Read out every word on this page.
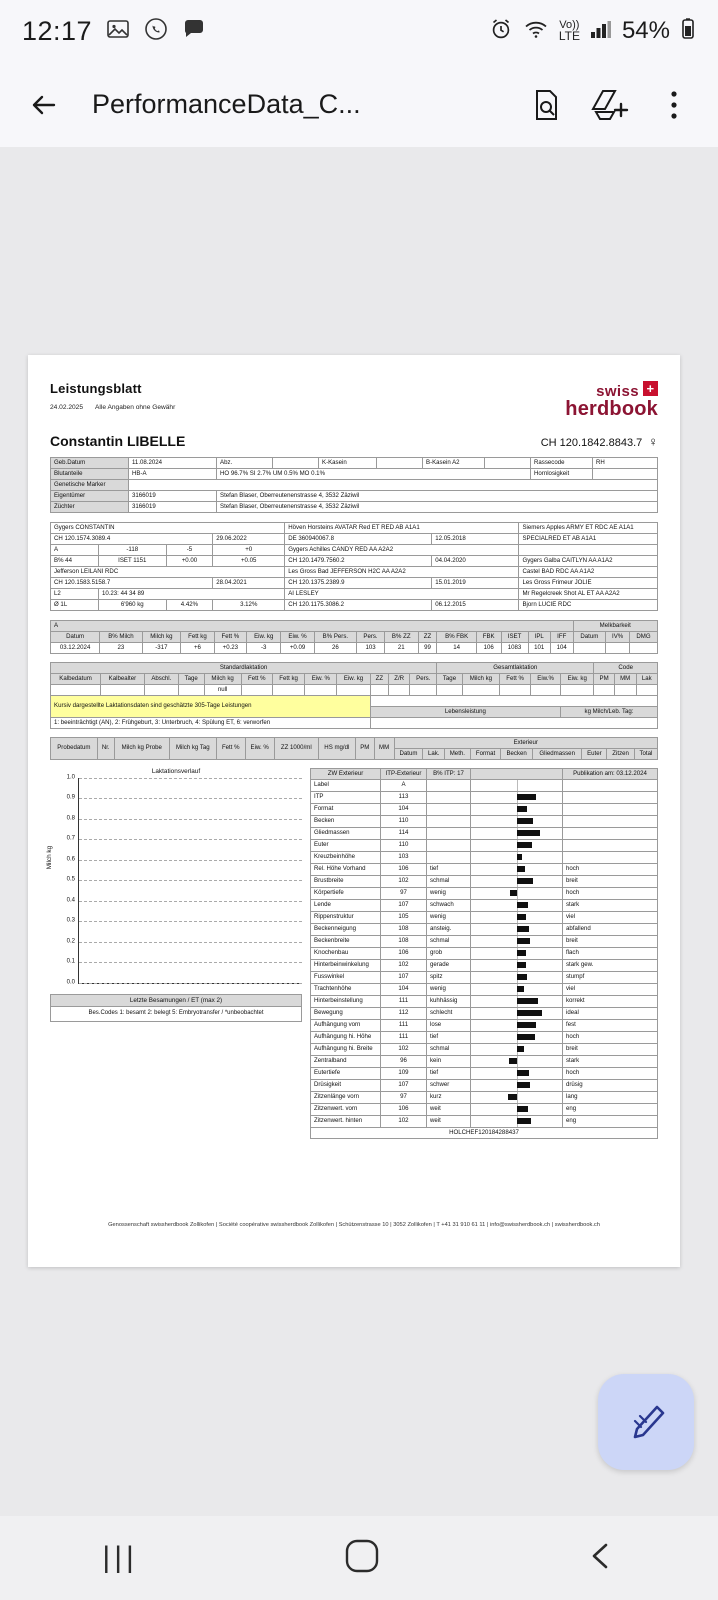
12:17	Vo))
LTE 54%
PerformanceData_C...
Leistungsblatt
24.02.2025 Alle Angaben ohne Gewähr
swiss +
herdbook
Constantin LIBELLE	CH 120.1842.8843.7 ♀
Geb.Datum	11.08.2024	Abz.		K-Kasein		B-Kasein A2		Rassecode	RH
Blutanteile	HB-A	HO 96.7% SI 2.7% UM 0.5% MO 0.1%						Hornlosigkeit	
Genetische Marker									
Eigentümer	3166019	Stefan Blaser, Oberreutenenstrasse 4, 3532 Zäziwil							
Züchter	3166019	Stefan Blaser, Oberreutenenstrasse 4, 3532 Zäziwil							
Gygers CONSTANTIN				Höven Horsteins AVATAR Red ET RED AB A1A1		Siemers Apples ARMY ET RDC AE A1A1
CH 120.1574.3089.4			29.06.2022	DE 360940067.8	12.05.2018	SPECIALRED ET AB A1A1
A	-118	-5	+0	Gygers Achilles CANDY RED AA A2A2		
B% 44	ISET 1151	+0.00	+0.05	CH 120.1479.7560.2	04.04.2020	Gygers Galba CAITLYN AA A1A2
Jefferson LEILANI RDC				Les Gross Bad JEFFERSON H2C AA A2A2		Castel BAD RDC AA A1A2
CH 120.1583.5158.7			28.04.2021	CH 120.1375.2389.9	15.01.2019	Les Gross Frimeur JOLIE
L2	10.23: 44 34 89			AI LESLEY		Mr Regelcreek Shot AL ET AA A2A2
Ø 1L	6'960 kg	4.42%	3.12%	CH 120.1175.3086.2	06.12.2015	Bjorn LUCIE RDC
A																Melkbarkeit		
Datum	B% Milch	Milch kg	Fett kg	Fett %	Eiw. kg	Eiw. %	B% Pers.	Pers.	B% ZZ	ZZ	B% FBK	FBK	ISET	IPL	IFF	Datum	IV%	DMG
03.12.2024	23	-317	+6	+0.23	-3	+0.09	26	103	21	99	14	106	1083	101	104			
Standardlaktation												Gesamtlaktation					Code		
Kalbedatum	Kalbealter	Abschl.	Tage	Milch kg	Fett %	Fett kg	Eiw. %	Eiw. kg	ZZ	Z/R	Pers.	Tage	Milch kg	Fett %	Eiw.%	Eiw. kg	PM	MM	Lak
				null															
Kursiv dargestellte Laktationsdaten sind geschätzte 305-Tage Leistungen																			
									Lebensleistung							kg Milch/Leb. Tag:			
1: beeinträchtigt (AN), 2: Frühgeburt, 3: Unterbruch, 4: Spülung ET, 6: verworfen																			
Probedatum	Nr.	Milch kg Probe	Milch kg Tag	Fett %	Eiw. %	ZZ 1000/ml	HS mg/dl	PM	MM	Exterieur								
										Datum	Lak.	Meth.	Format	Becken	Gliedmassen	Euter	Zitzen	Total
Laktationsverlauf
Milch kg
0.0
0.1
0.2
0.3
0.4
0.5
0.6
0.7
0.8
0.9
1.0
Letzte Besamungen / ET (max 2)
Bes.Codes 1: besamt 2: belegt 5: Embryotransfer / *unbeobachtet
ZW Exterieur	ITP-Exterieur	B% ITP: 17		Publikation am: 03.12.2024
Label	A		

ITP	113		

Format	104		

Becken	110		

Gliedmassen	114		

Euter	110		

Kreuzbeinhöhe	103		

Rel. Höhe Vorhand	106	tief		hoch
Brustbreite	102	schmal		breit
Körpertiefe	97	wenig		hoch
Lende	107	schwach		stark
Rippenstruktur	105	wenig		viel
Beckenneigung	108	ansteig.		abfallend
Beckenbreite	108	schmal		breit
Knochenbau	106	grob		flach
Hinterbeinwinkelung	102	gerade		stark gew.
Fusswinkel	107	spitz		stumpf
Trachtenhöhe	104	wenig		viel
Hinterbeinstellung	111	kuhhässig		korrekt
Bewegung	112	schlecht		ideal
Aufhängung vorn	111	lose		fest
Aufhängung hi. Höhe	111	tief		hoch
Aufhängung hi. Breite	102	schmal		breit
Zentralband	96	kein		stark
Eutertiefe	109	tief		hoch
Drüsigkeit	107	schwer		drüsig
Zitzenlänge vorn	97	kurz		lang
Zitzenwert. vorn	106	weit		eng
Zitzenwert. hinten	102	weit		eng
HOLCHEF120184288437				
Genossenschaft swissherdbook Zollikofen | Société coopérative swissherdbook Zollikofen | Schützenstrasse 10 | 3052 Zollikofen | T +41 31 910 61 11 | info@swissherdbook.ch | swissherdbook.ch
|||
